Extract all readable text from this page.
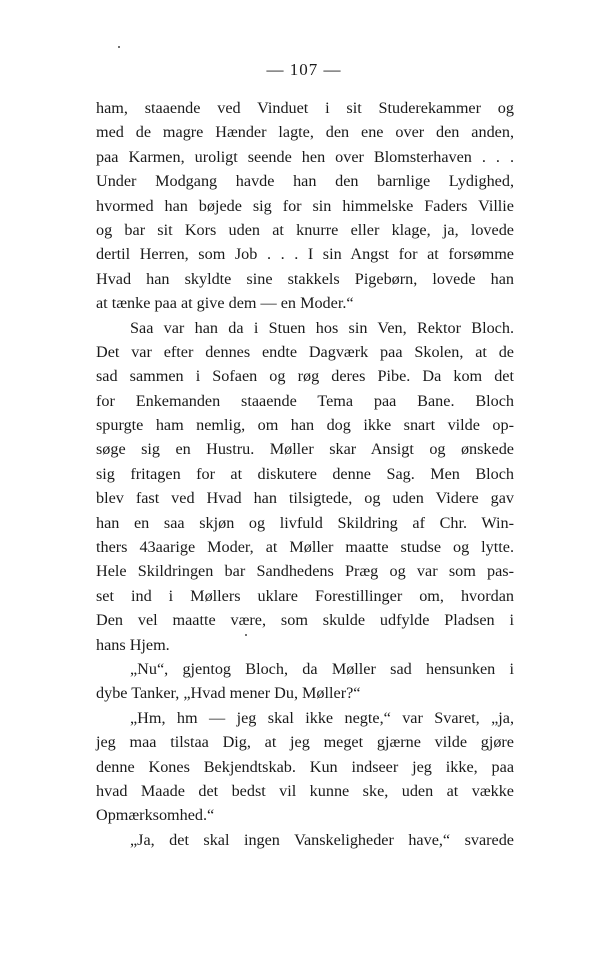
— 107 —
ham, staaende ved Vinduet i sit Studerekammer og
med de magre Hænder lagte, den ene over den anden,
paa Karmen, uroligt seende hen over Blomsterhaven . . .
Under Modgang havde han den barnlige Lydighed,
hvormed han bøjede sig for sin himmelske Faders Villie
og bar sit Kors uden at knurre eller klage, ja, lovede
dertil Herren, som Job . . . I sin Angst for at forsømme
Hvad han skyldte sine stakkels Pigebørn, lovede han
at tænke paa at give dem — en Moder.“
Saa var han da i Stuen hos sin Ven, Rektor Bloch.
Det var efter dennes endte Dagværk paa Skolen, at de
sad sammen i Sofaen og røg deres Pibe. Da kom det
for Enkemanden staaende Tema paa Bane. Bloch
spurgte ham nemlig, om han dog ikke snart vilde op-
søge sig en Hustru. Møller skar Ansigt og ønskede
sig fritagen for at diskutere denne Sag. Men Bloch
blev fast ved Hvad han tilsigtede, og uden Videre gav
han en saa skjøn og livfuld Skildring af Chr. Win-
thers 43aarige Moder, at Møller maatte studse og lytte.
Hele Skildringen bar Sandhedens Præg og var som pas-
set ind i Møllers uklare Forestillinger om, hvordan
Den vel maatte være, som skulde udfylde Pladsen i
hans Hjem.
„Nu“, gjentog Bloch, da Møller sad hensunken i
dybe Tanker, „Hvad mener Du, Møller?“
„Hm, hm — jeg skal ikke negte,“ var Svaret, „ja,
jeg maa tilstaa Dig, at jeg meget gjærne vilde gjøre
denne Kones Bekjendtskab. Kun indseer jeg ikke, paa
hvad Maade det bedst vil kunne ske, uden at vække
Opmærksomhed.“
„Ja, det skal ingen Vanskeligheder have,“ svarede
